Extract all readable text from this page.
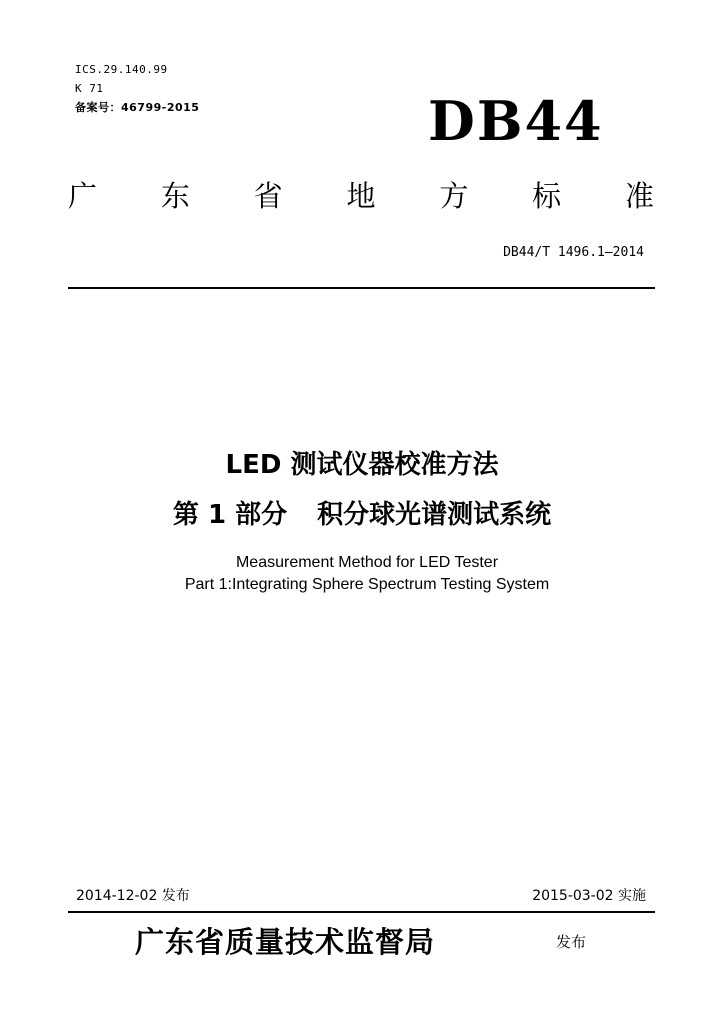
ICS.29.140.99
K 71
备案号：46799-2015	DB44
广 东 省 地 方 标 准
DB44/T 1496.1—2014
LED 测试仪器校准方法
第 1 部分 积分球光谱测试系统
Measurement Method for LED Tester
Part 1:Integrating Sphere Spectrum Testing System
2014-12-02 发布	2015-03-02 实施
广东省质量技术监督局	发布
